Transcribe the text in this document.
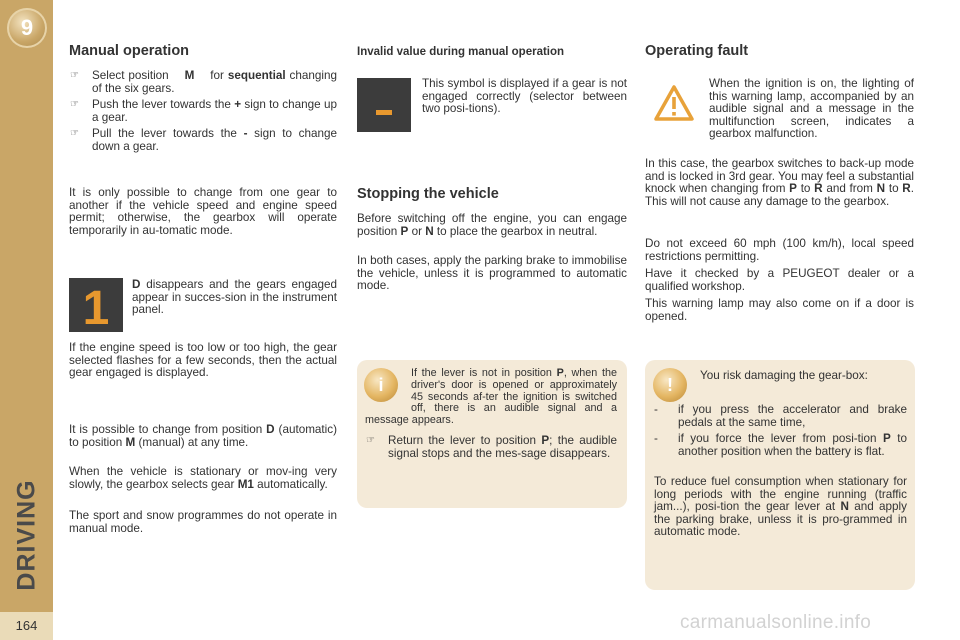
9
DRIVING
164
Manual operation
☞ Select position M for sequential changing of the six gears.
☞ Push the lever towards the + sign to change up a gear.
☞ Pull the lever towards the - sign to change down a gear.
It is only possible to change from one gear to another if the vehicle speed and engine speed permit; otherwise, the gearbox will operate temporarily in au-tomatic mode.
1	D disappears and the gears engaged appear in succes-sion in the instrument panel.
If the engine speed is too low or too high, the gear selected flashes for a few seconds, then the actual gear engaged is displayed.
It is possible to change from position D (automatic) to position M (manual) at any time.
When the vehicle is stationary or mov-ing very slowly, the gearbox selects gear M1 automatically.
The sport and snow programmes do not operate in manual mode.
Invalid value during manual operation
This symbol is displayed if a gear is not engaged correctly (selector between two posi-tions).
Stopping the vehicle
Before switching off the engine, you can engage position P or N to place the gearbox in neutral.
In both cases, apply the parking brake to immobilise the vehicle, unless it is programmed to automatic mode.
i
If the lever is not in position P, when the driver's door is opened or approximately 45 seconds af-ter the ignition is switched off, there is an audible signal and a message appears.
☞ Return the lever to position P; the audible signal stops and the mes-sage disappears.
Operating fault
When the ignition is on, the lighting of this warning lamp, accompanied by an audible signal and a message in the multifunction screen, indicates a gearbox malfunction.
In this case, the gearbox switches to back-up mode and is locked in 3rd gear. You may feel a substantial knock when changing from P to R and from N to R. This will not cause any damage to the gearbox.
Do not exceed 60 mph (100 km/h), local speed restrictions permitting.
Have it checked by a PEUGEOT dealer or a qualified workshop.
This warning lamp may also come on if a door is opened.
!	You risk damaging the gear-box:
- if you press the accelerator and brake pedals at the same time,
- if you force the lever from posi-tion P to another position when the battery is flat.
To reduce fuel consumption when stationary for long periods with the engine running (traffic jam...), posi-tion the gear lever at N and apply the parking brake, unless it is pro-grammed in automatic mode.
carmanualsonline.info
